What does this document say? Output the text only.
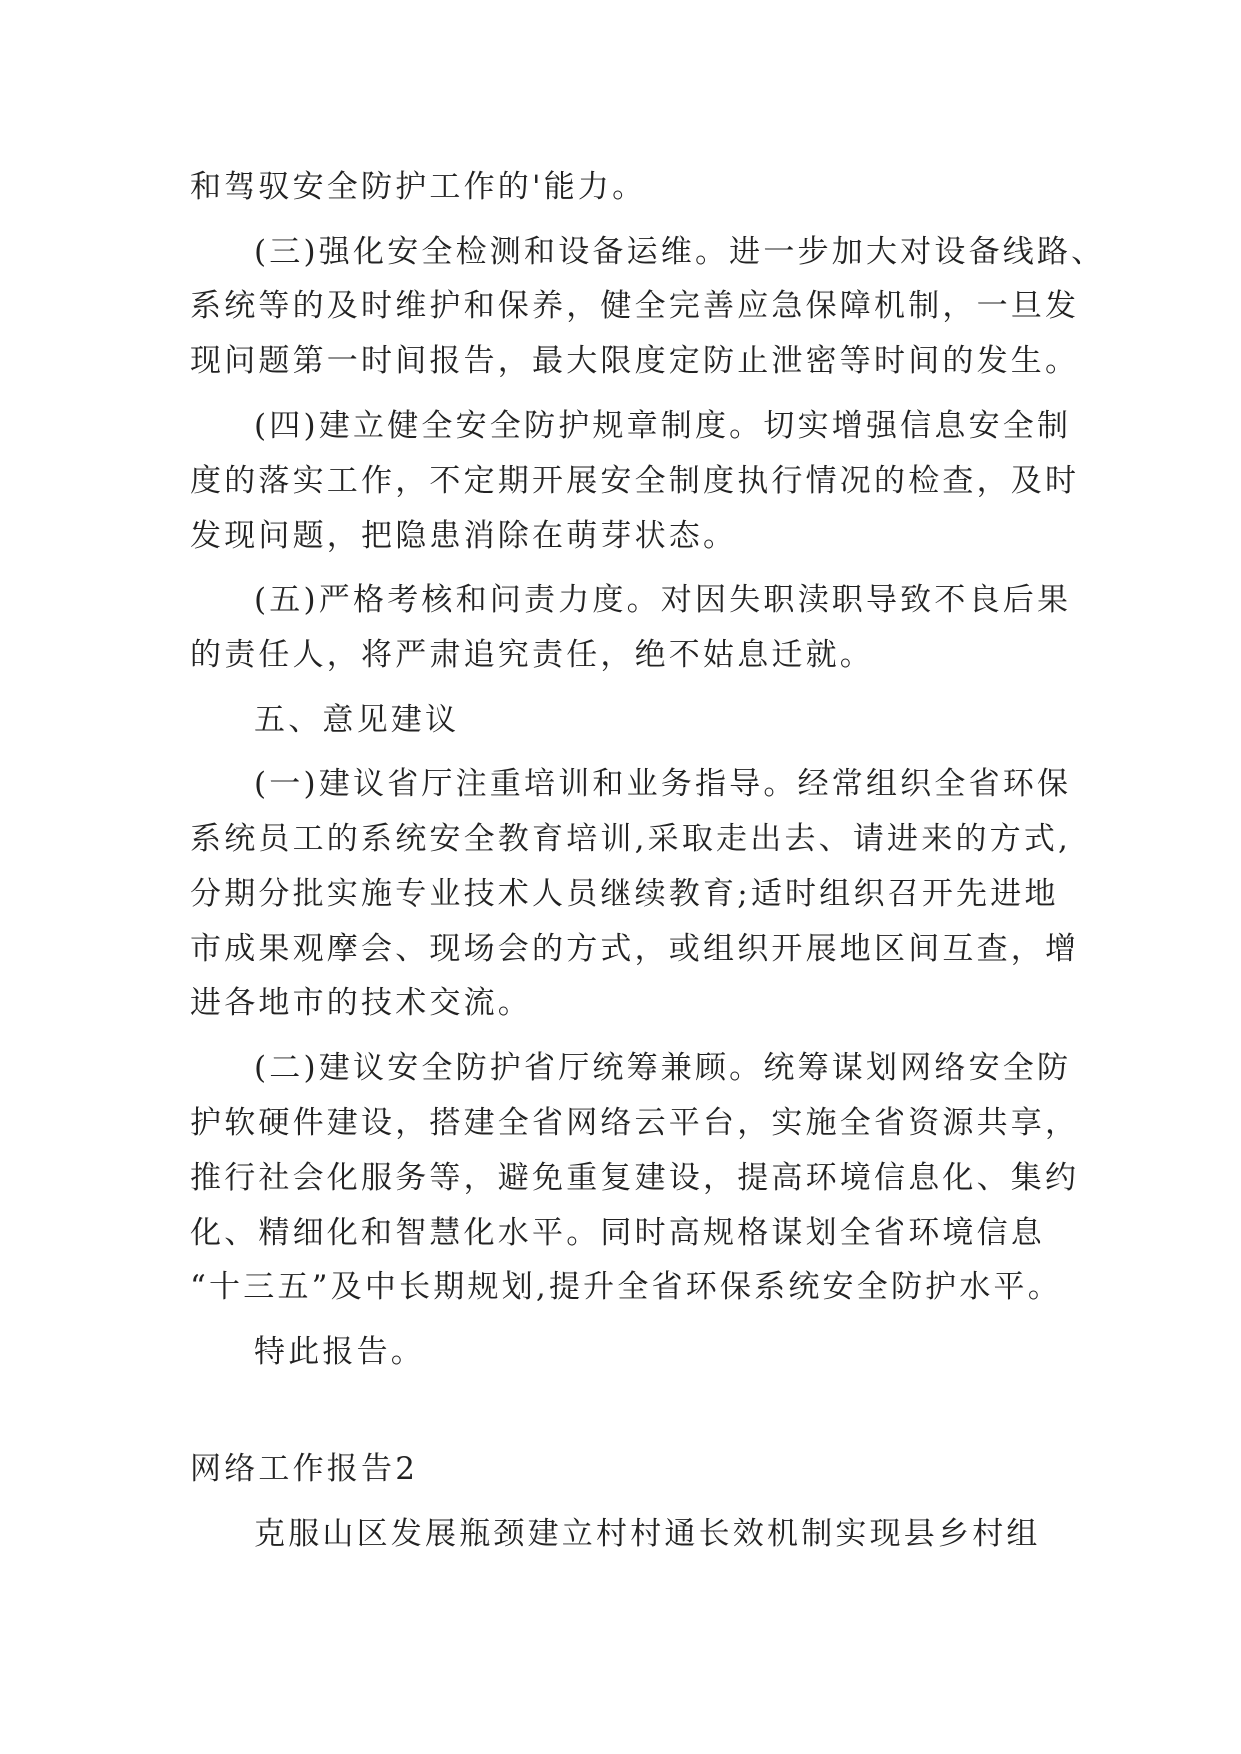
和驾驭安全防护工作的'能力。
(三)强化安全检测和设备运维。进一步加大对设备线路、
系统等的及时维护和保养，健全完善应急保障机制，一旦发
现问题第一时间报告，最大限度定防止泄密等时间的发生。
(四)建立健全安全防护规章制度。切实增强信息安全制
度的落实工作，不定期开展安全制度执行情况的检查，及时
发现问题，把隐患消除在萌芽状态。
(五)严格考核和问责力度。对因失职渎职导致不良后果
的责任人，将严肃追究责任，绝不姑息迁就。
五、意见建议
(一)建议省厅注重培训和业务指导。经常组织全省环保
系统员工的系统安全教育培训,采取走出去、请进来的方式,
分期分批实施专业技术人员继续教育;适时组织召开先进地
市成果观摩会、现场会的方式，或组织开展地区间互查，增
进各地市的技术交流。
(二)建议安全防护省厅统筹兼顾。统筹谋划网络安全防
护软硬件建设，搭建全省网络云平台，实施全省资源共享，
推行社会化服务等，避免重复建设，提高环境信息化、集约
化、精细化和智慧化水平。同时高规格谋划全省环境信息
“十三五”及中长期规划,提升全省环保系统安全防护水平。
特此报告。
网络工作报告2
克服山区发展瓶颈建立村村通长效机制实现县乡村组
